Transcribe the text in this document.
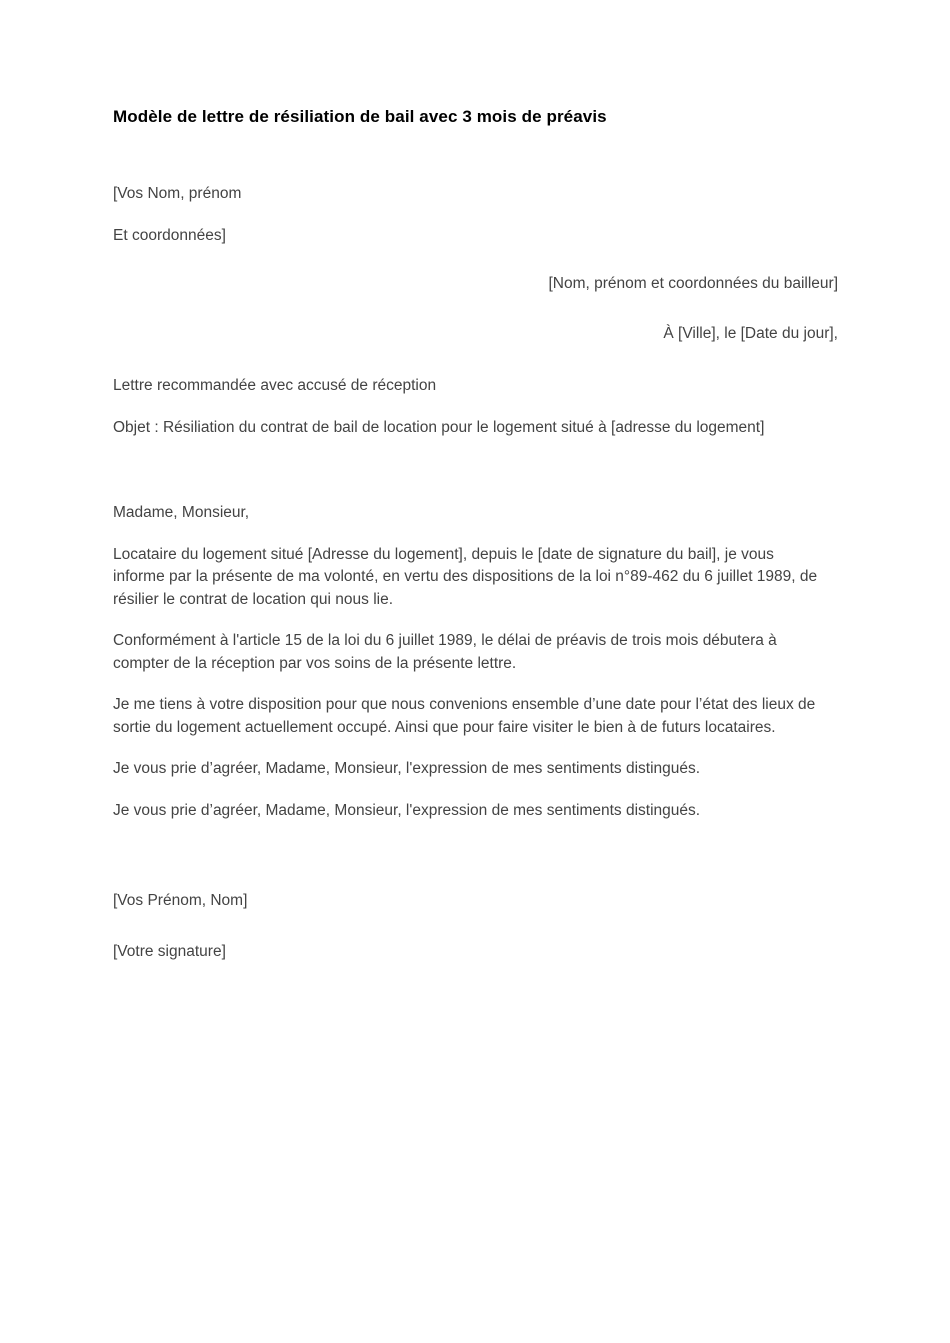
Modèle de lettre de résiliation de bail avec 3 mois de préavis

[Vos Nom, prénom

Et coordonnées]

[Nom, prénom et coordonnées du bailleur]

À [Ville], le [Date du jour],

Lettre recommandée avec accusé de réception

Objet : Résiliation du contrat de bail de location pour le logement situé à [adresse du logement]

Madame, Monsieur,

Locataire du logement situé [Adresse du logement], depuis le [date de signature du bail], je vous informe par la présente de ma volonté, en vertu des dispositions de la loi n°89-462 du 6 juillet 1989, de résilier le contrat de location qui nous lie.

Conformément à l'article 15 de la loi du 6 juillet 1989, le délai de préavis de trois mois débutera à compter de la réception par vos soins de la présente lettre.

Je me tiens à votre disposition pour que nous convenions ensemble d’une date pour l’état des lieux de sortie du logement actuellement occupé. Ainsi que pour faire visiter le bien à de futurs locataires.

Je vous prie d’agréer, Madame, Monsieur, l'expression de mes sentiments distingués.

Je vous prie d’agréer, Madame, Monsieur, l'expression de mes sentiments distingués.

[Vos Prénom, Nom]

[Votre signature]
